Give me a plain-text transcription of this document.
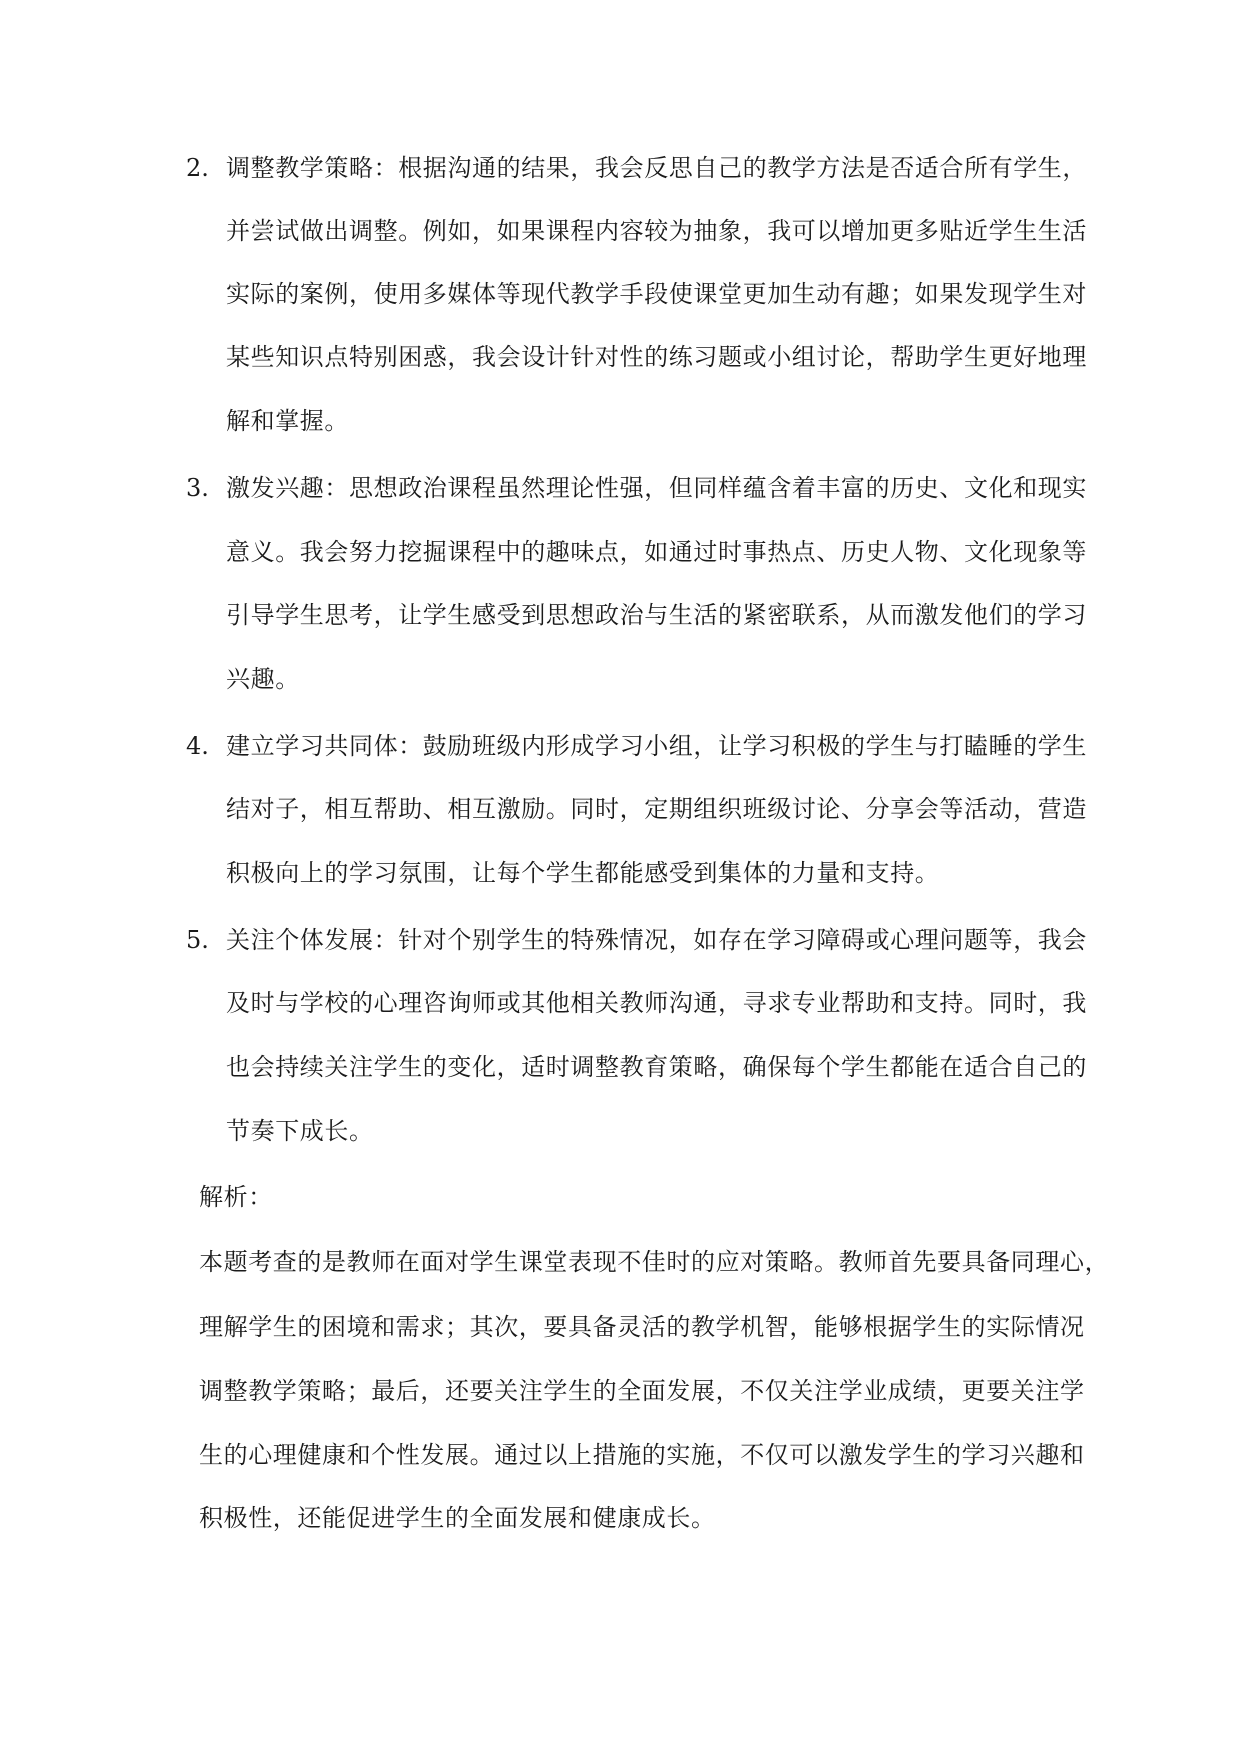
2. 调整教学策略：根据沟通的结果，我会反思自己的教学方法是否适合所有学生，
并尝试做出调整。例如，如果课程内容较为抽象，我可以增加更多贴近学生生活
实际的案例，使用多媒体等现代教学手段使课堂更加生动有趣；如果发现学生对
某些知识点特别困惑，我会设计针对性的练习题或小组讨论，帮助学生更好地理
解和掌握。
3. 激发兴趣：思想政治课程虽然理论性强，但同样蕴含着丰富的历史、文化和现实
意义。我会努力挖掘课程中的趣味点，如通过时事热点、历史人物、文化现象等
引导学生思考，让学生感受到思想政治与生活的紧密联系，从而激发他们的学习
兴趣。
4. 建立学习共同体：鼓励班级内形成学习小组，让学习积极的学生与打瞌睡的学生
结对子，相互帮助、相互激励。同时，定期组织班级讨论、分享会等活动，营造
积极向上的学习氛围，让每个学生都能感受到集体的力量和支持。
5. 关注个体发展：针对个别学生的特殊情况，如存在学习障碍或心理问题等，我会
及时与学校的心理咨询师或其他相关教师沟通，寻求专业帮助和支持。同时，我
也会持续关注学生的变化，适时调整教育策略，确保每个学生都能在适合自己的
节奏下成长。
解析：
本题考查的是教师在面对学生课堂表现不佳时的应对策略。教师首先要具备同理心，
理解学生的困境和需求；其次，要具备灵活的教学机智，能够根据学生的实际情况
调整教学策略；最后，还要关注学生的全面发展，不仅关注学业成绩，更要关注学
生的心理健康和个性发展。通过以上措施的实施，不仅可以激发学生的学习兴趣和
积极性，还能促进学生的全面发展和健康成长。
